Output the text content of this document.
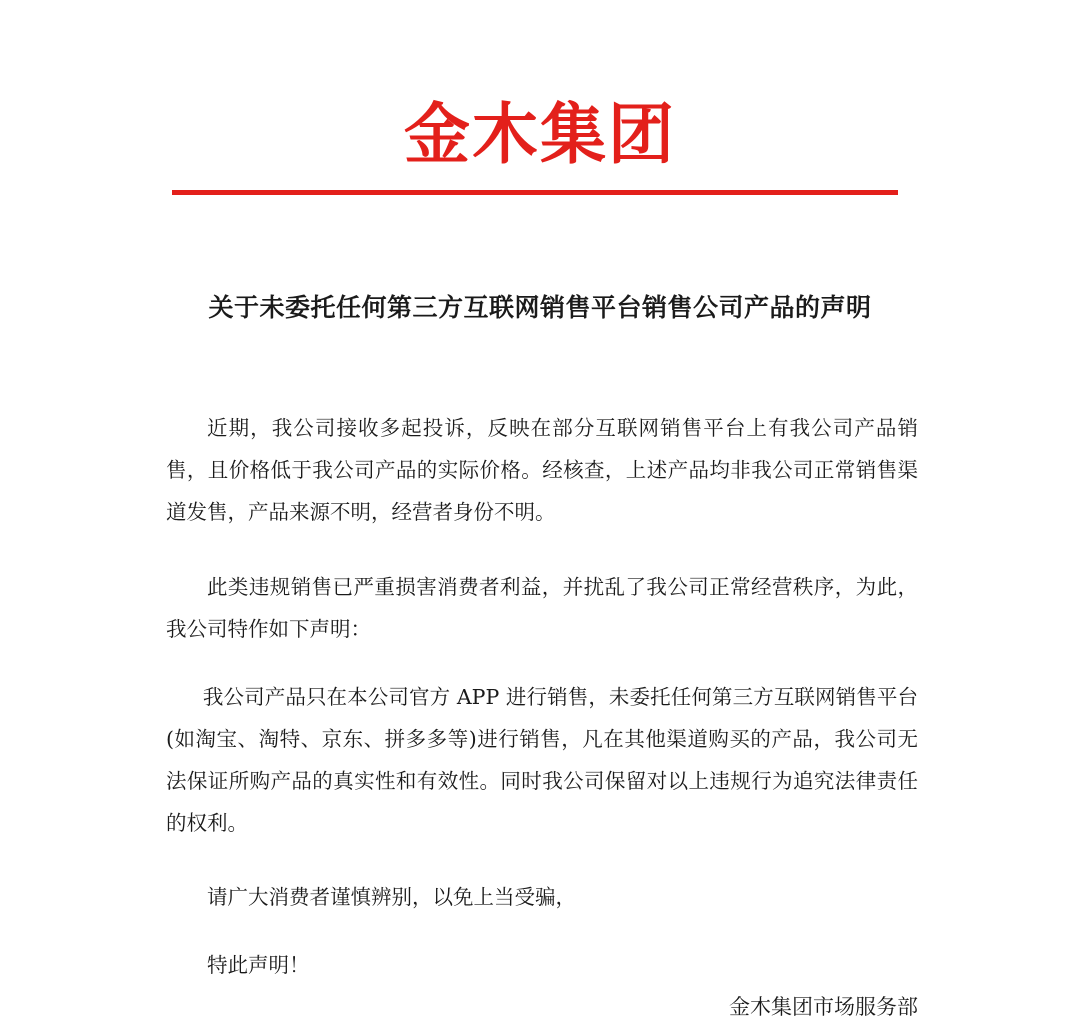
金木集团
关于未委托任何第三方互联网销售平台销售公司产品的声明

近期，我公司接收多起投诉，反映在部分互联网销售平台上有我公司产品销售，且价格低于我公司产品的实际价格。经核查，上述产品均非我公司正常销售渠道发售，产品来源不明，经营者身份不明。

此类违规销售已严重损害消费者利益，并扰乱了我公司正常经营秩序，为此，我公司特作如下声明：

我公司产品只在本公司官方 APP 进行销售，未委托任何第三方互联网销售平台(如淘宝、淘特、京东、拼多多等)进行销售，凡在其他渠道购买的产品，我公司无法保证所购产品的真实性和有效性。同时我公司保留对以上违规行为追究法律责任的权利。

请广大消费者谨慎辨别，以免上当受骗，

特此声明！

金木集团市场服务部
